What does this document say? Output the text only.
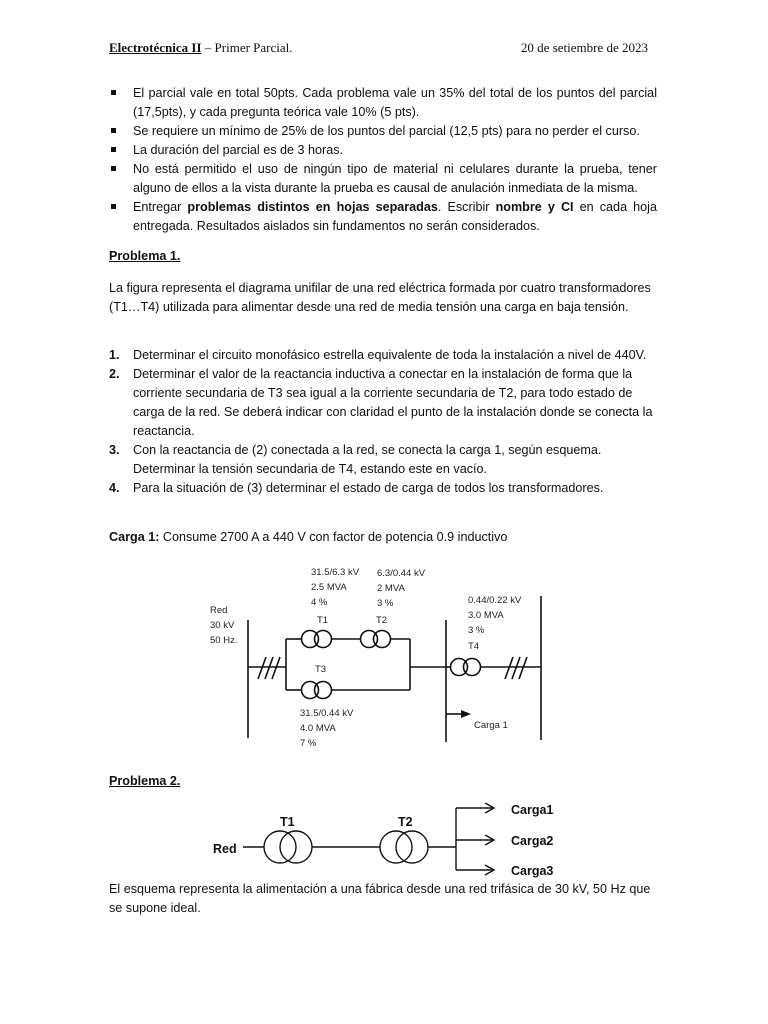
Electrotécnica II – Primer Parcial.	20 de setiembre de 2023
El parcial vale en total 50pts. Cada problema vale un 35% del total de los puntos del parcial (17,5pts), y cada pregunta teórica vale 10% (5 pts).
Se requiere un mínimo de 25% de los puntos del parcial (12,5 pts) para no perder el curso.
La duración del parcial es de 3 horas.
No está permitido el uso de ningún tipo de material ni celulares durante la prueba, tener alguno de ellos a la vista durante la prueba es causal de anulación inmediata de la misma.
Entregar problemas distintos en hojas separadas. Escribir nombre y CI en cada hoja entregada. Resultados aislados sin fundamentos no serán considerados.
Problema 1.
La figura representa el diagrama unifilar de una red eléctrica formada por cuatro transformadores (T1…T4) utilizada para alimentar desde una red de media tensión una carga en baja tensión.
1. Determinar el circuito monofásico estrella equivalente de toda la instalación a nivel de 440V.
2. Determinar el valor de la reactancia inductiva a conectar en la instalación de forma que la corriente secundaria de T3 sea igual a la corriente secundaria de T2, para todo estado de carga de la red. Se deberá indicar con claridad el punto de la instalación donde se conecta la reactancia.
3. Con la reactancia de (2) conectada a la red, se conecta la carga 1, según esquema. Determinar la tensión secundaria de T4, estando este en vacío.
4. Para la situación de (3) determinar el estado de carga de todos los transformadores.
Carga 1: Consume 2700 A a 440 V con factor de potencia 0.9 inductivo
Red
30 kV
50 Hz.
31.5/6.3 kV
2.5 MVA
4 %
T1
6.3/0.44 kV
2 MVA
3 %
T2
0.44/0.22 kV
3.0 MVA
3 %
T4
T3
31.5/0.44 kV
4.0 MVA
7 %
Carga 1
Problema 2.
T1	T2
Red
Carga1
Carga2
Carga3
El esquema representa la alimentación a una fábrica desde una red trifásica de 30 kV, 50 Hz que se supone ideal.
